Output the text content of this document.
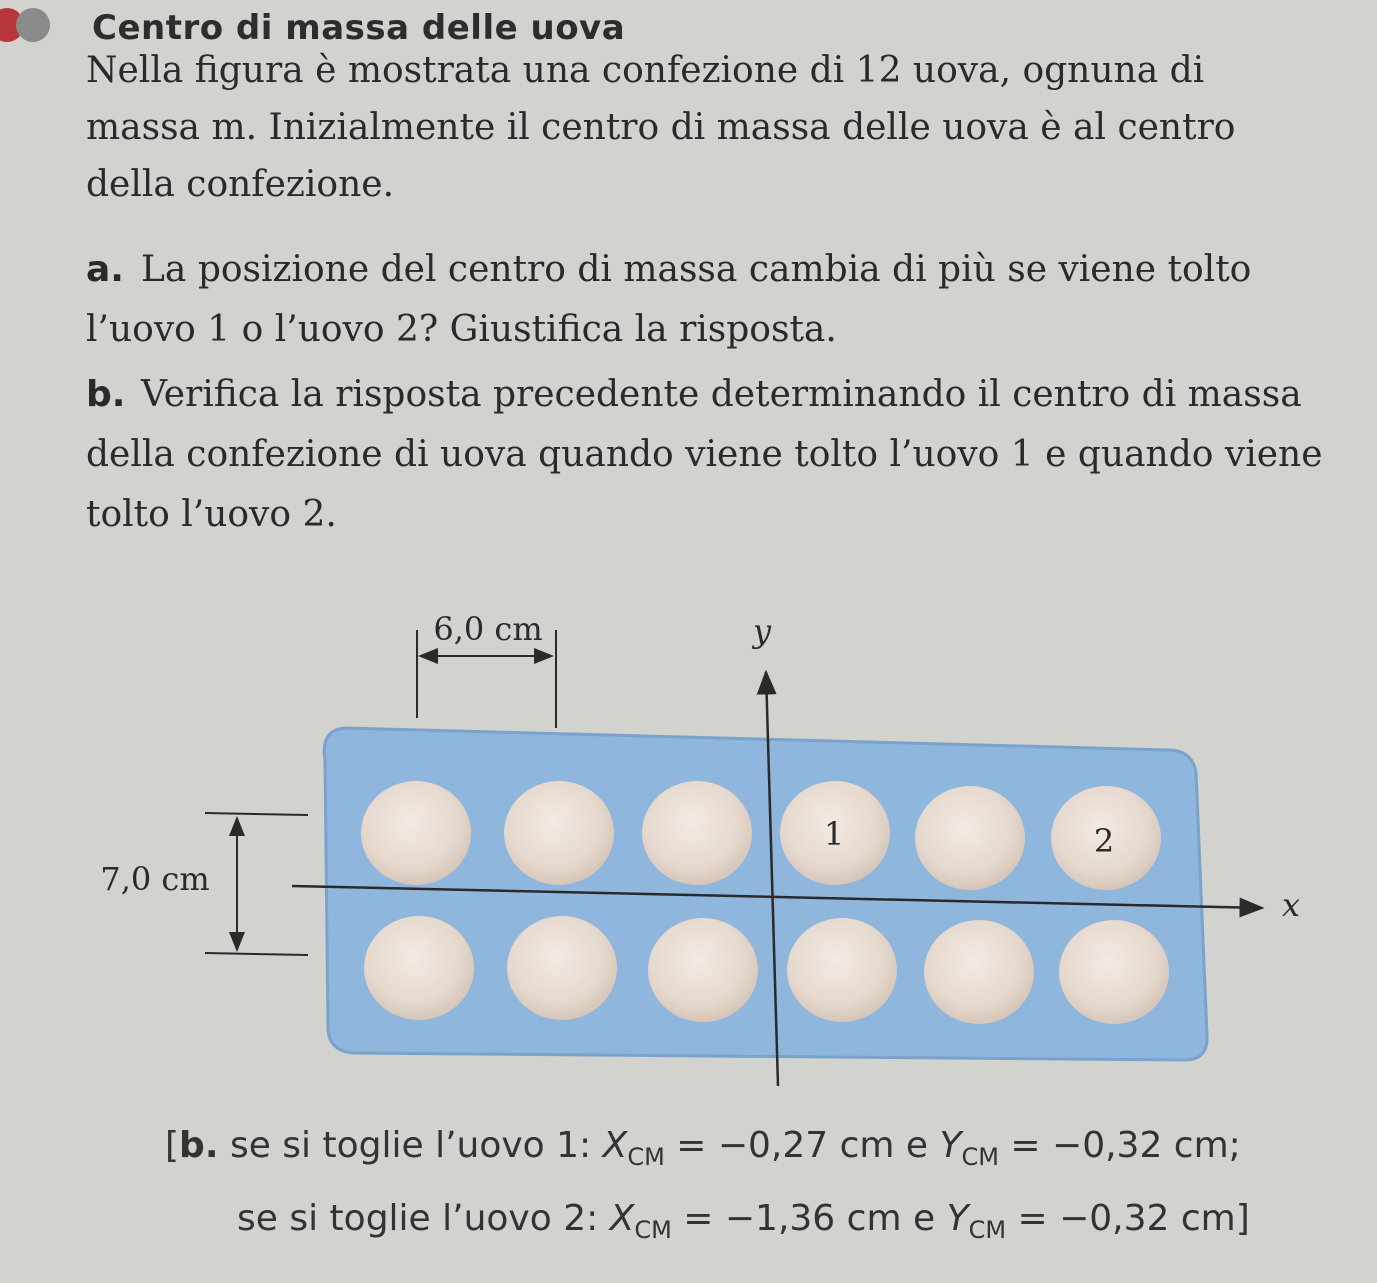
Centro di massa delle uova
Nella figura è mostrata una confezione di 12 uova, ognuna di massa m. Inizialmente il centro di massa delle uova è al centro della confezione.
a. La posizione del centro di massa cambia di più se viene tolto l’uovo 1 o l’uovo 2? Giustifica la risposta.
b. Verifica la risposta precedente determinando il centro di massa della confezione di uova quando viene tolto l’uovo 1 e quando viene tolto l’uovo 2.
6,0 cm
7,0 cm
1	2
y
x
[b. se si toglie l’uovo 1: $X_{CM} = -0,27$ cm e $Y_{CM} = -0,32$ cm;
se si toglie l’uovo 2: $X_{CM} = -1,36$ cm e $Y_{CM} = -0,32$ cm]
